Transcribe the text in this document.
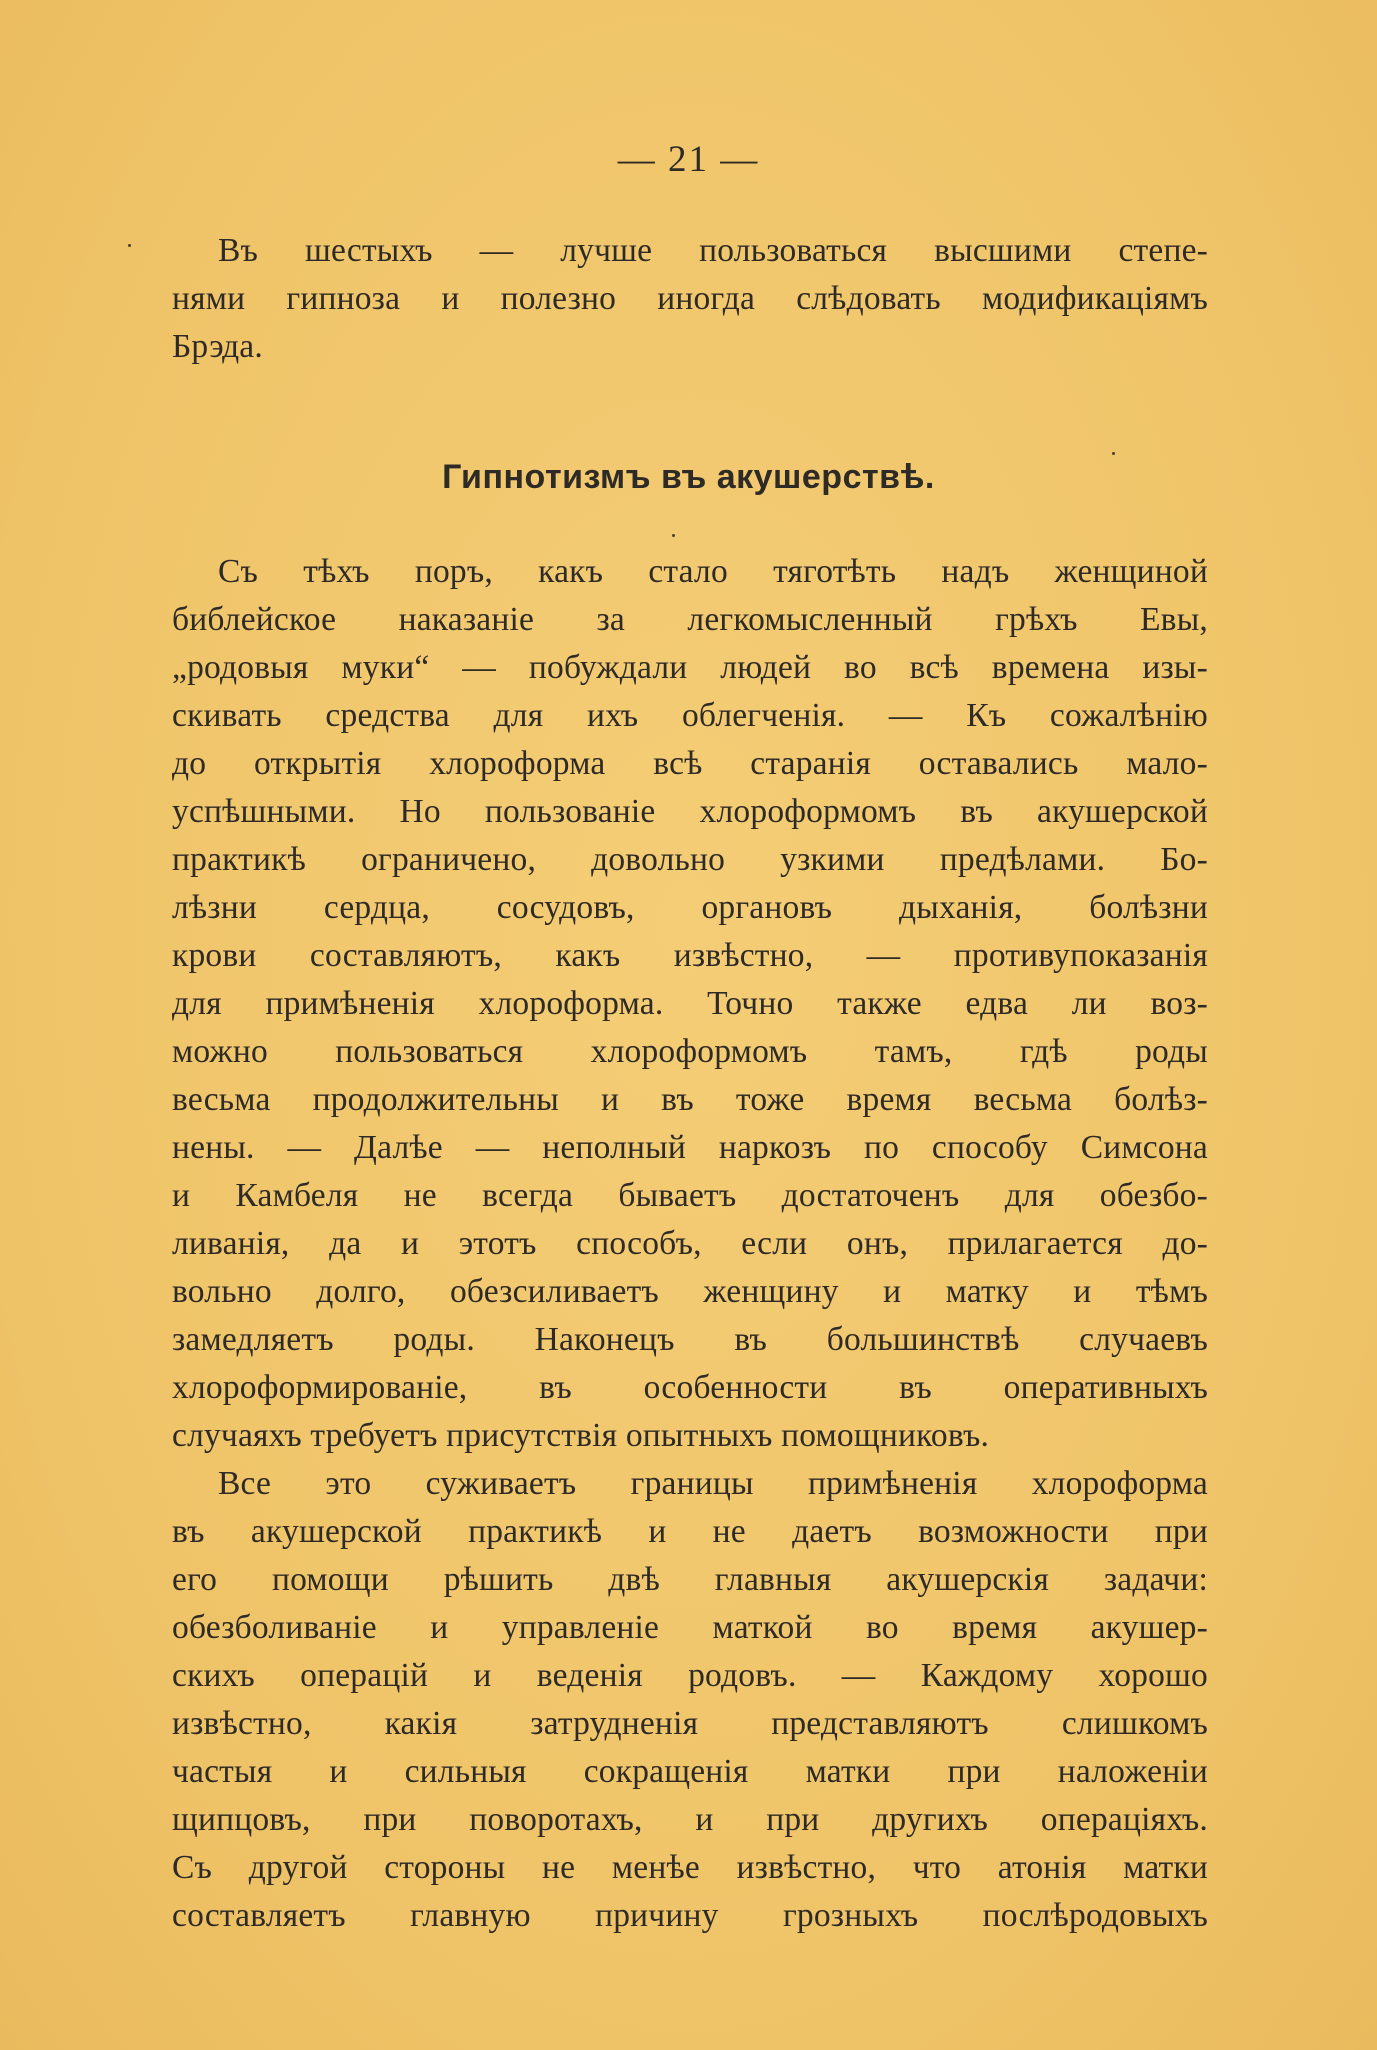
— 21 —
Въ шестыхъ — лучше пользоваться высшими степе-
нями гипноза и полезно иногда слѣдовать модификацiямъ
Брэда.
Гипнотизмъ въ акушерствѣ.
Съ тѣхъ поръ, какъ стало тяготѣть надъ женщиной
библейское наказанiе за легкомысленный грѣхъ Евы,
„родовыя муки“ — побуждали людей во всѣ времена изы-
скивать средства для ихъ облегченiя. — Къ сожалѣнiю
до открытiя хлороформа всѣ старанiя оставались мало-
успѣшными. Но пользованiе хлороформомъ въ акушерской
практикѣ ограничено, довольно узкими предѣлами. Бо-
лѣзни сердца, сосудовъ, органовъ дыханiя, болѣзни
крови составляютъ, какъ извѣстно, — противупоказанiя
для примѣненiя хлороформа. Точно также едва ли воз-
можно пользоваться хлороформомъ тамъ, гдѣ роды
весьма продолжительны и въ тоже время весьма болѣз-
нены. — Далѣе — неполный наркозъ по способу Симсона
и Камбеля не всегда бываетъ достаточенъ для обезбо-
ливанiя, да и этотъ способъ, если онъ, прилагается до-
вольно долго, обезсиливаетъ женщину и матку и тѣмъ
замедляетъ роды. Наконецъ въ большинствѣ случаевъ
хлороформированiе, въ особенности въ оперативныхъ
случаяхъ требуетъ присутствiя опытныхъ помощниковъ.
Все это суживаетъ границы примѣненiя хлороформа
въ акушерской практикѣ и не даетъ возможности при
его помощи рѣшить двѣ главныя акушерскiя задачи:
обезболиванiе и управленiе маткой во время акушер-
скихъ операцiй и веденiя родовъ. — Каждому хорошо
извѣстно, какiя затрудненiя представляютъ слишкомъ
частыя и сильныя сокращенiя матки при наложенiи
щипцовъ, при поворотахъ, и при другихъ операцiяхъ.
Съ другой стороны не менѣе извѣстно, что атонiя матки
составляетъ главную причину грозныхъ послѣродовыхъ
